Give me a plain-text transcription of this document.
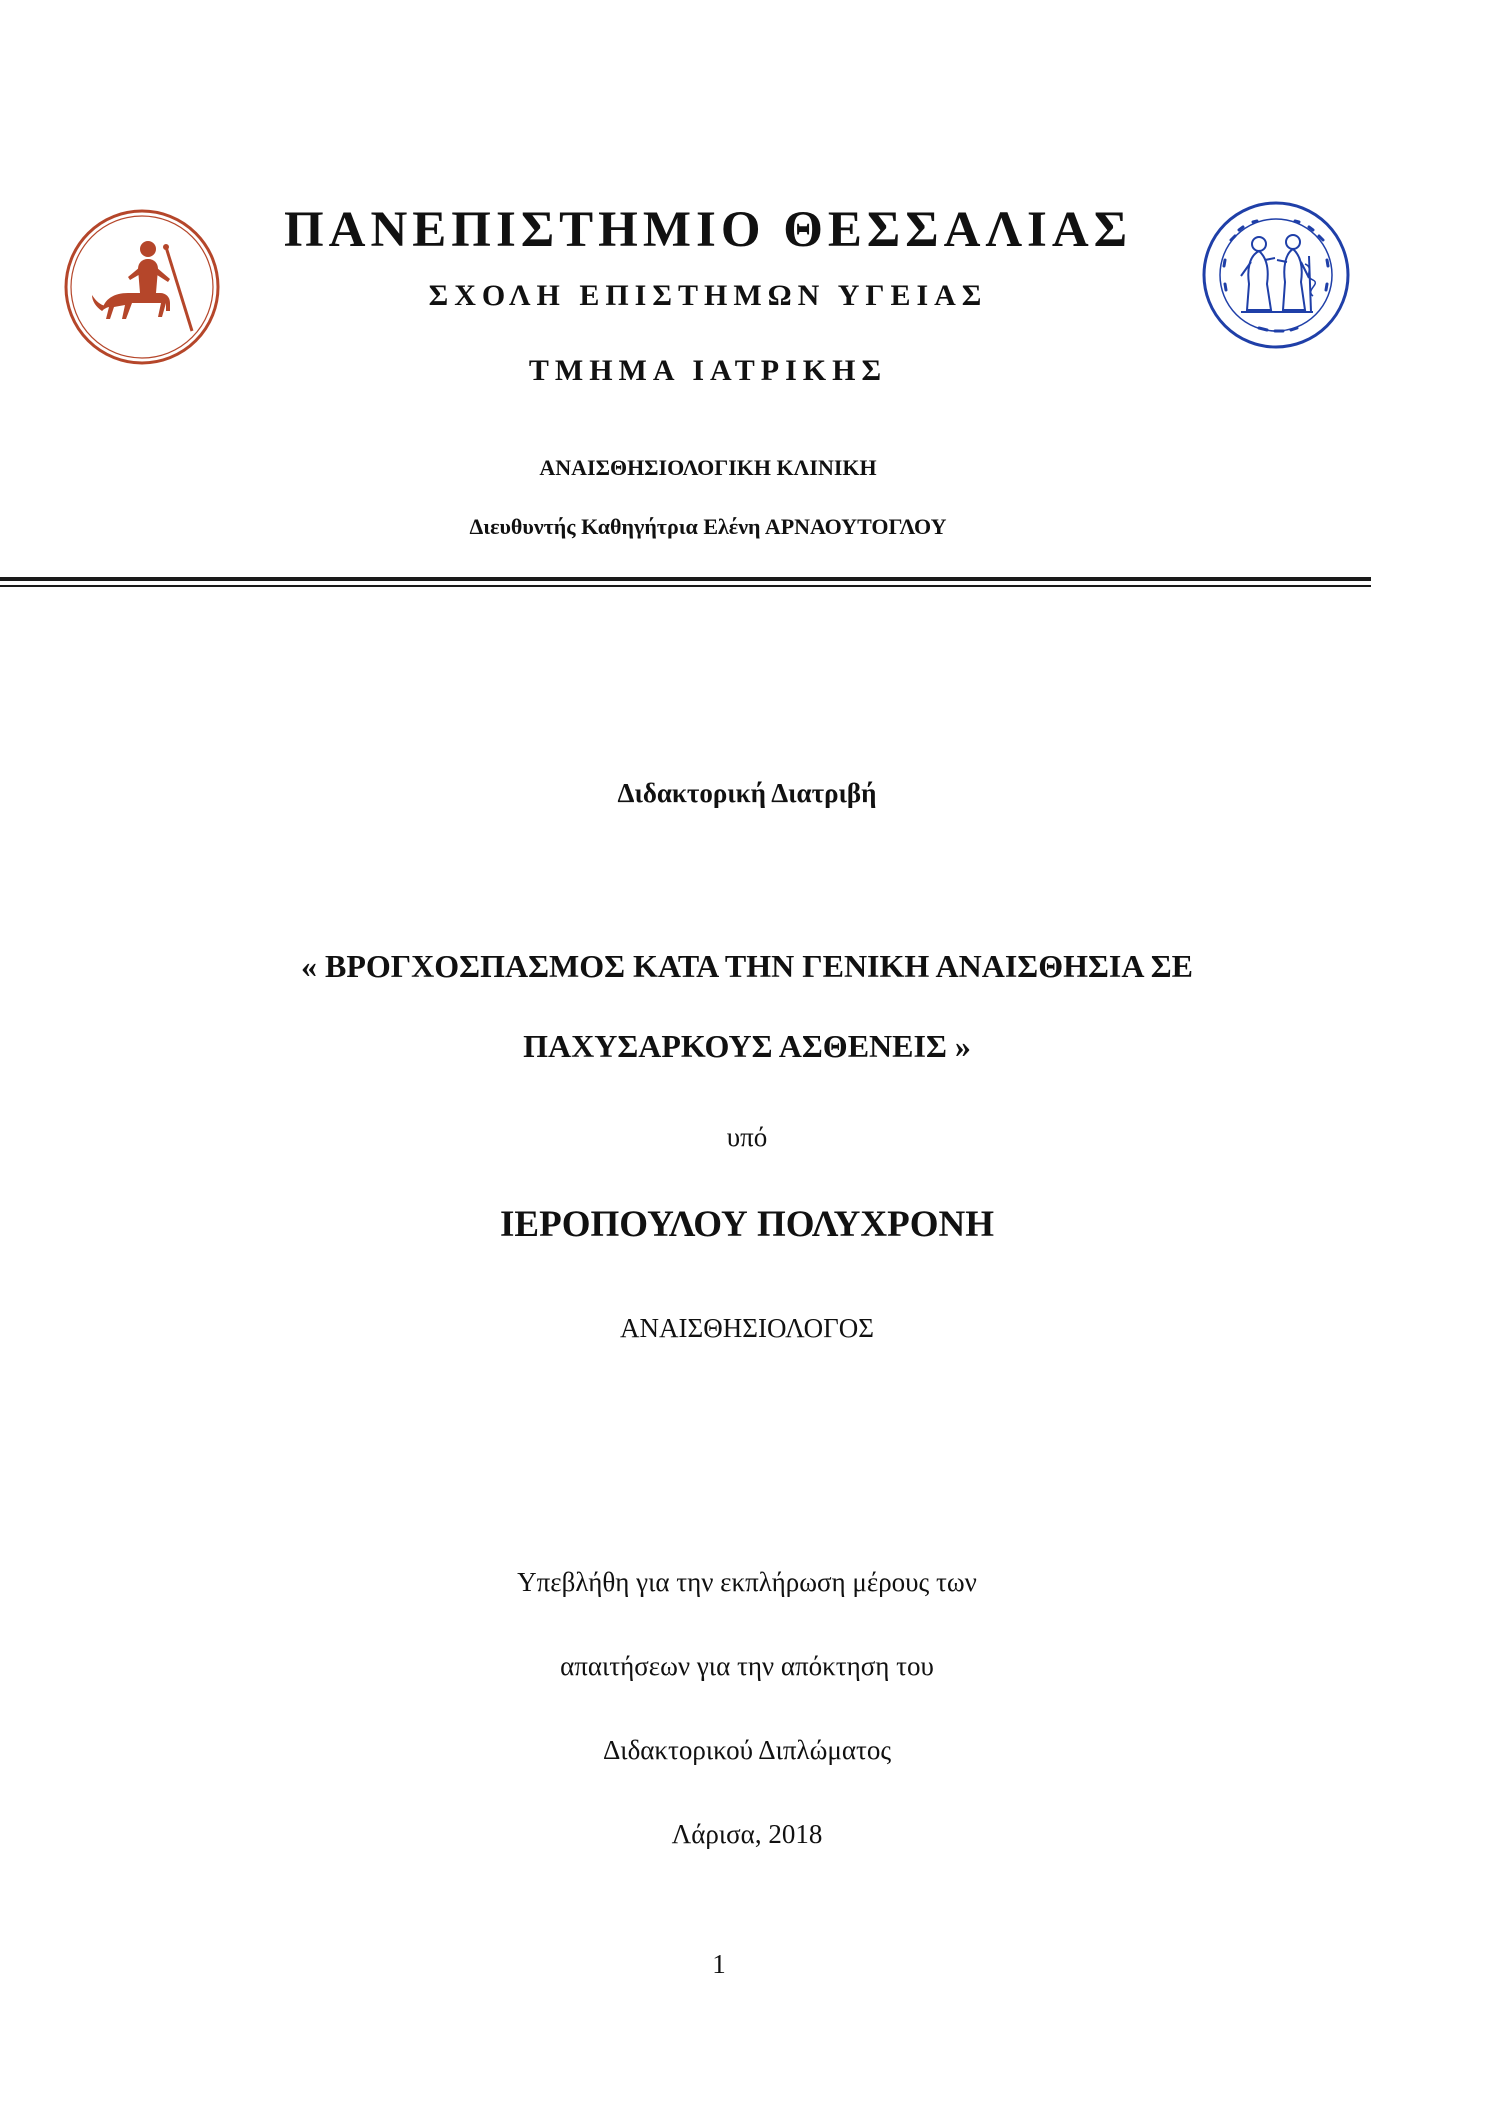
ΠΑΝΕΠΙΣΤΗΜΙΟ ΘΕΣΣΑΛΙΑΣ
ΣΧΟΛΗ ΕΠΙΣΤΗΜΩΝ ΥΓΕΙΑΣ
ΤΜΗΜΑ ΙΑΤΡΙΚΗΣ
ΑΝΑΙΣΘΗΣΙΟΛΟΓΙΚΗ ΚΛΙΝΙΚΗ
Διευθυντής Καθηγήτρια Ελένη ΑΡΝΑΟΥΤΟΓΛΟΥ
Διδακτορική Διατριβή
« ΒΡΟΓΧΟΣΠΑΣΜΟΣ ΚΑΤΑ ΤΗΝ ΓΕΝΙΚΗ ΑΝΑΙΣΘΗΣΙΑ ΣΕ
ΠΑΧΥΣΑΡΚΟΥΣ ΑΣΘΕΝΕΙΣ »
υπό
ΙΕΡΟΠΟΥΛΟΥ ΠΟΛΥΧΡΟΝΗ
ΑΝΑΙΣΘΗΣΙΟΛΟΓΟΣ
Υπεβλήθη για την εκπλήρωση μέρους των
απαιτήσεων για την απόκτηση του
Διδακτορικού Διπλώματος
Λάρισα, 2018
1
